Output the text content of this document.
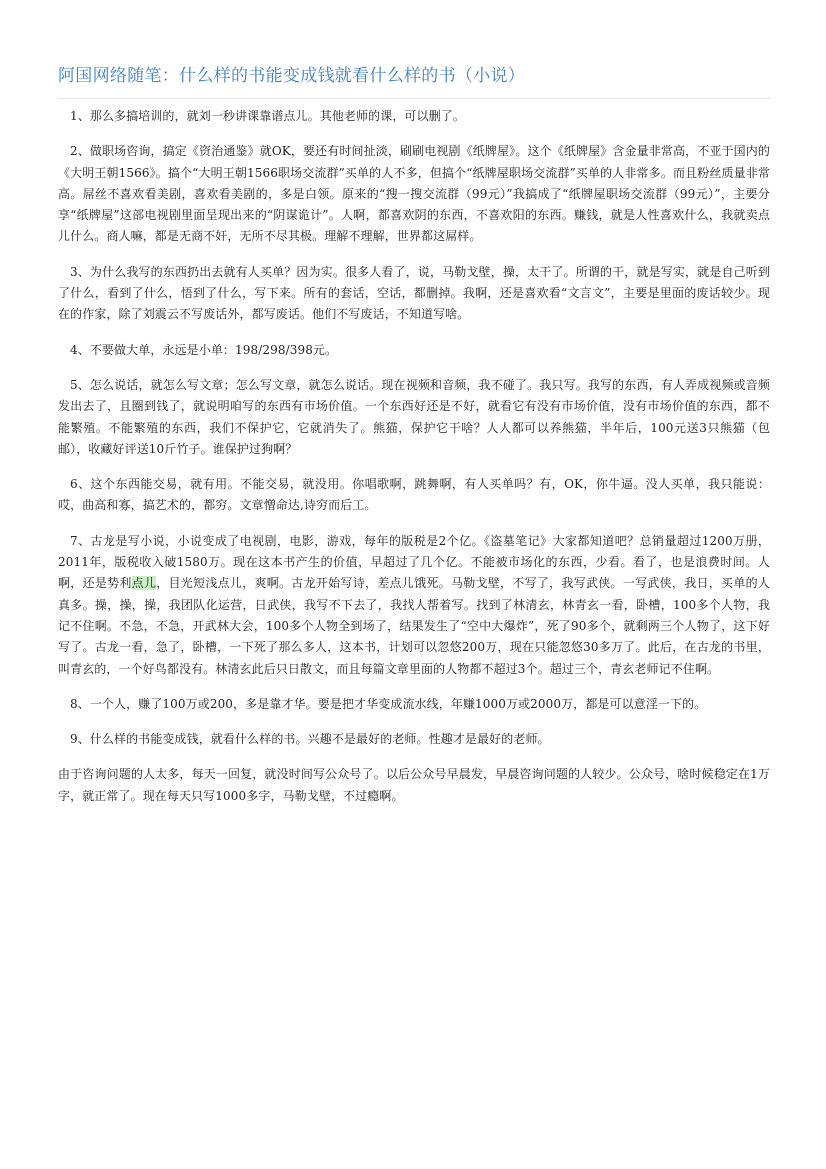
阿国网络随笔：什么样的书能变成钱就看什么样的书（小说）

1、那么多搞培训的，就刘一秒讲课靠谱点儿。其他老师的课，可以删了。

2、做职场咨询，搞定《资治通鉴》就OK，要还有时间扯淡，刷刷电视剧《纸牌屋》。这个《纸牌屋》含金量非常高，不亚于国内的《大明王朝1566》。搞个“大明王朝1566职场交流群”买单的人不多，但搞个“纸牌屋职场交流群”买单的人非常多。而且粉丝质量非常高。屌丝不喜欢看美剧，喜欢看美剧的，多是白领。原来的“搜一搜交流群（99元）”我搞成了“纸牌屋职场交流群（99元）”，主要分享“纸牌屋”这部电视剧里面呈现出来的“阴谋诡计”。人啊，都喜欢阴的东西，不喜欢阳的东西。赚钱，就是人性喜欢什么，我就卖点儿什么。商人嘛，都是无商不奸，无所不尽其极。理解不理解，世界都这屌样。

3、为什么我写的东西扔出去就有人买单？因为实。很多人看了，说，马勒戈壁，操，太干了。所谓的干，就是写实，就是自己听到了什么，看到了什么，悟到了什么，写下来。所有的套话，空话，都删掉。我啊，还是喜欢看“文言文”，主要是里面的废话较少。现在的作家，除了刘震云不写废话外，都写废话。他们不写废话，不知道写啥。

4、不要做大单，永远是小单：198/298/398元。

5、怎么说话，就怎么写文章；怎么写文章，就怎么说话。现在视频和音频，我不碰了。我只写。我写的东西，有人弄成视频或音频发出去了，且圈到钱了，就说明咱写的东西有市场价值。一个东西好还是不好，就看它有没有市场价值，没有市场价值的东西，都不能繁殖。不能繁殖的东西，我们不保护它，它就消失了。熊猫，保护它干啥？人人都可以养熊猫，半年后，100元送3只熊猫（包邮），收藏好评送10斤竹子。谁保护过狗啊？

6、这个东西能交易，就有用。不能交易，就没用。你唱歌啊，跳舞啊，有人买单吗？有，OK，你牛逼。没人买单，我只能说：哎，曲高和寡，搞艺术的，都穷。文章憎命达,诗穷而后工。

7、古龙是写小说，小说变成了电视剧，电影，游戏，每年的版税是2个亿。《盗墓笔记》大家都知道吧？总销量超过1200万册，2011年，版税收入破1580万。现在这本书产生的价值，早超过了几个亿。不能被市场化的东西，少看。看了，也是浪费时间。人啊，还是势利点儿，目光短浅点儿，爽啊。古龙开始写诗，差点儿饿死。马勒戈壁，不写了，我写武侠。一写武侠，我日，买单的人真多。操，操，操，我团队化运营，日武侠，我写不下去了，我找人帮着写。找到了林清玄，林青玄一看，卧槽，100多个人物，我记不住啊。不急，不急，开武林大会，100多个人物全到场了，结果发生了“空中大爆炸”，死了90多个，就剩两三个人物了，这下好写了。古龙一看，急了，卧槽，一下死了那么多人，这本书，计划可以忽悠200万，现在只能忽悠30多万了。此后，在古龙的书里，叫青玄的，一个好鸟都没有。林清玄此后只日散文，而且每篇文章里面的人物都不超过3个。超过三个，青玄老师记不住啊。

8、一个人，赚了100万或200，多是靠才华。要是把才华变成流水线，年赚1000万或2000万，都是可以意淫一下的。

9、什么样的书能变成钱，就看什么样的书。兴趣不是最好的老师。性趣才是最好的老师。

由于咨询问题的人太多，每天一回复，就没时间写公众号了。以后公众号早晨发，早晨咨询问题的人较少。公众号，啥时候稳定在1万字，就正常了。现在每天只写1000多字，马勒戈壁，不过瘾啊。
